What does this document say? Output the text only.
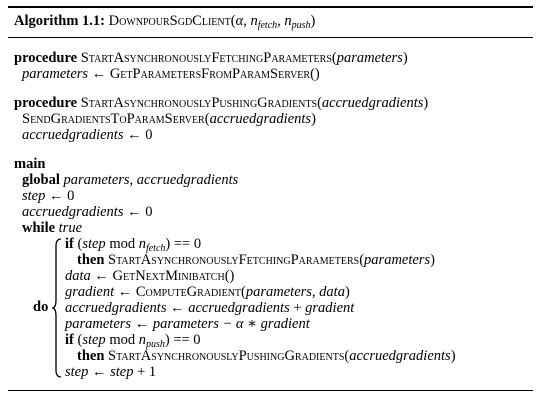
Algorithm 1.1: DownpourSgdClient(α, $n_{fetch}$, $n_{push}$)
procedure StartAsynchronouslyFetchingParameters(parameters)
parameters ← GetParametersFromParamServer()
procedure StartAsynchronouslyPushingGradients(accruedgradients)
SendGradientsToParamServer(accruedgradients)
accruedgradients ← 0
main
global parameters, accruedgradients
step ← 0
accruedgradients ← 0
while true
do
if (step mod $n_{fetch}) == 0$
then StartAsynchronouslyFetchingParameters(parameters)
data ← GetNextMinibatch()
gradient ← ComputeGradient(parameters, data)
accruedgradients ← accruedgradients + gradient
parameters ← parameters − α ∗ gradient
if (step mod $n_{push}) == 0$
then StartAsynchronouslyPushingGradients(accruedgradients)
step ← step + 1
